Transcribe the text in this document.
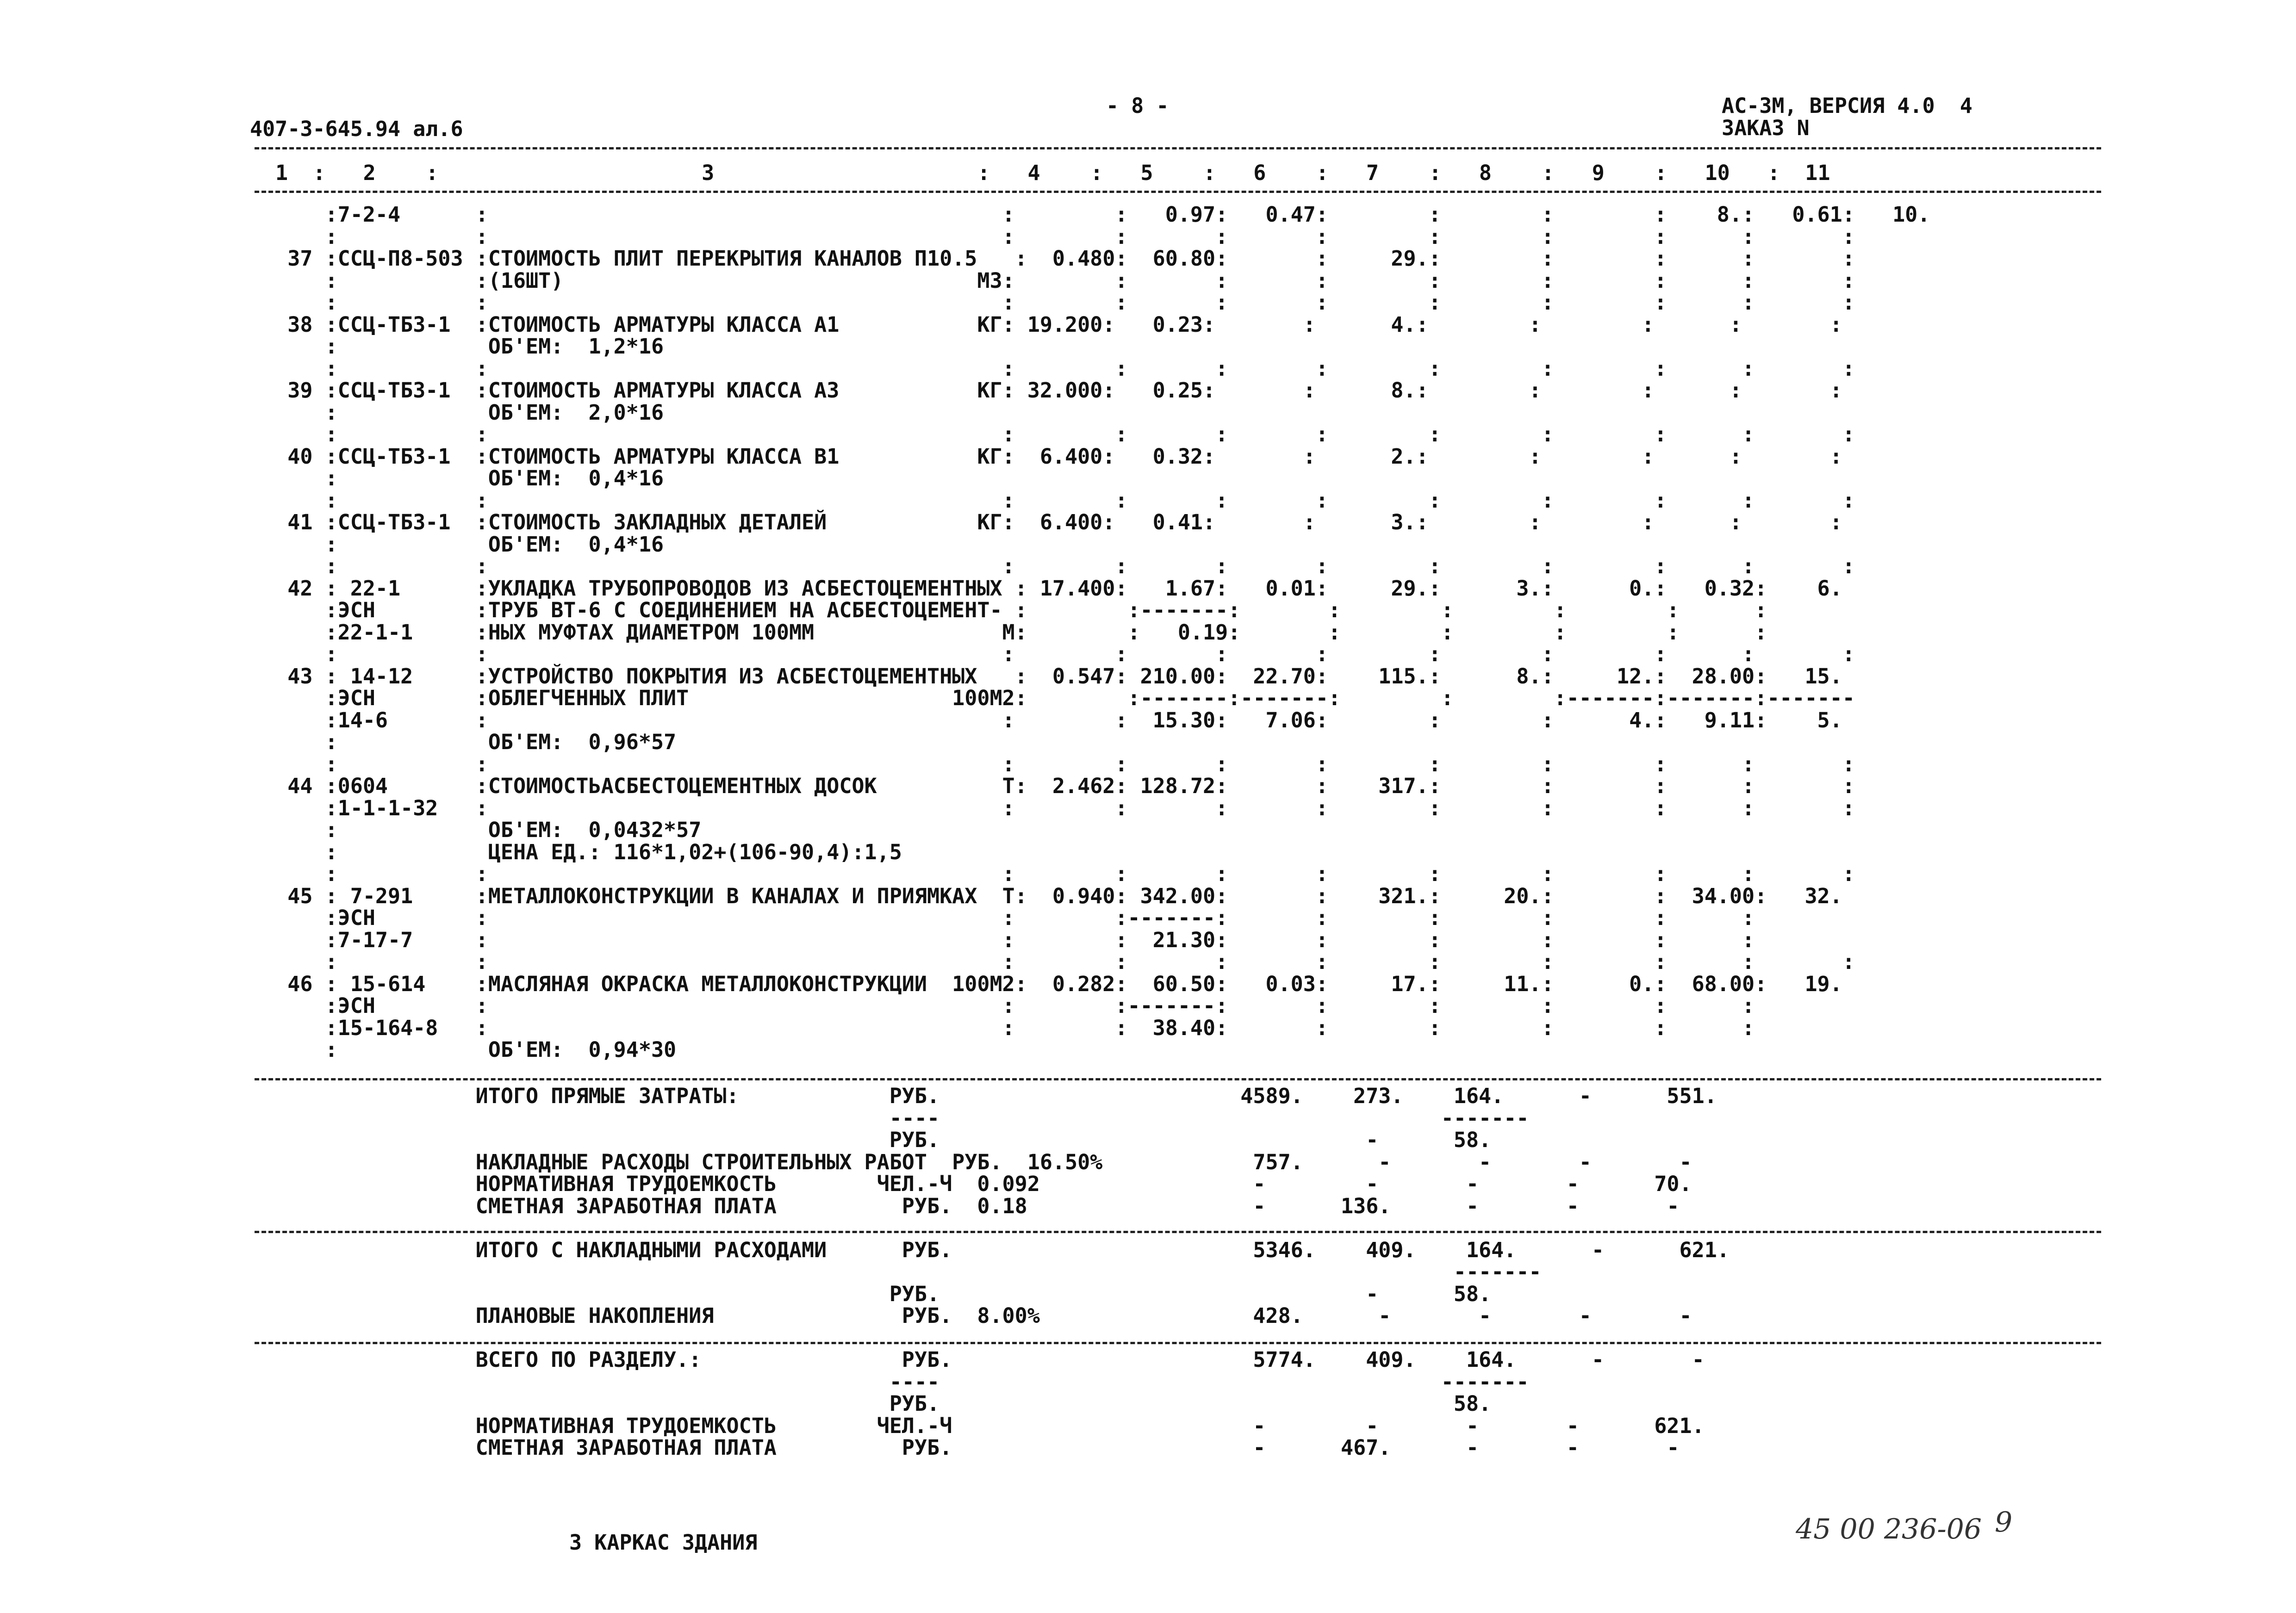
407-3-645.94 ал.6
- 8 -	АС-3М, ВЕРСИЯ 4.0  4
ЗАКАЗ N
1  :   2    :                     3                     :   4    :   5    :   6    :   7    :   8    :   9    :   10   :  11
:7-2-4      :                                         :        :   0.97:   0.47:        :        :        :    8.:   0.61:   10.
:           :                                         :        :       :       :        :        :        :      :       :
37 :ССЦ-П8-503 :СТОИМОСТЬ ПЛИТ ПЕРЕКРЫТИЯ КАНАЛОВ П10.5   :  0.480:  60.80:       :     29.:        :        :      :       :
:           :(16ШТ)                                 М3:        :       :       :        :        :        :      :       :
:           :                                         :        :       :       :        :        :        :      :       :
38 :ССЦ-ТБ3-1  :СТОИМОСТЬ АРМАТУРЫ КЛАССА А1           КГ: 19.200:   0.23:       :      4.:        :        :      :       :
:            ОБ'ЕМ:  1,2*16
:           :                                         :        :       :       :        :        :        :      :       :
39 :ССЦ-ТБ3-1  :СТОИМОСТЬ АРМАТУРЫ КЛАССА А3           КГ: 32.000:   0.25:       :      8.:        :        :      :       :
:            ОБ'ЕМ:  2,0*16
:           :                                         :        :       :       :        :        :        :      :       :
40 :ССЦ-ТБ3-1  :СТОИМОСТЬ АРМАТУРЫ КЛАССА В1           КГ:  6.400:   0.32:       :      2.:        :        :      :       :
:            ОБ'ЕМ:  0,4*16
:           :                                         :        :       :       :        :        :        :      :       :
41 :ССЦ-ТБ3-1  :СТОИМОСТЬ ЗАКЛАДНЫХ ДЕТАЛЕЙ            КГ:  6.400:   0.41:       :      3.:        :        :      :       :
:            ОБ'ЕМ:  0,4*16
:           :                                         :        :       :       :        :        :        :      :       :
42 : 22-1      :УКЛАДКА ТРУБОПРОВОДОВ ИЗ АСБЕСТОЦЕМЕНТНЫХ : 17.400:   1.67:   0.01:     29.:      3.:      0.:   0.32:    6.
:ЭСН        :ТРУБ ВТ-6 С СОЕДИНЕНИЕМ НА АСБЕСТОЦЕМЕНТ- :        :-------:       :        :        :        :      :
:22-1-1     :НЫХ МУФТАХ ДИАМЕТРОМ 100ММ               М:        :   0.19:       :        :        :        :      :
:           :                                         :        :       :       :        :        :        :      :       :
43 : 14-12     :УСТРОЙСТВО ПОКРЫТИЯ ИЗ АСБЕСТОЦЕМЕНТНЫХ   :  0.547: 210.00:  22.70:    115.:      8.:     12.:  28.00:   15.
:ЭСН        :ОБЛЕГЧЕННЫХ ПЛИТ                     100М2:        :-------:-------:        :        :-------:-------:-------
:14-6       :                                         :        :  15.30:   7.06:        :        :      4.:   9.11:    5.
:            ОБ'ЕМ:  0,96*57
:           :                                         :        :       :       :        :        :        :      :       :
44 :0604       :СТОИМОСТЬАСБЕСТОЦЕМЕНТНЫХ ДОСОК          Т:  2.462: 128.72:       :    317.:        :        :      :       :
:1-1-1-32   :                                         :        :       :       :        :        :        :      :       :
:            ОБ'ЕМ:  0,0432*57
:            ЦЕНА ЕД.: 116*1,02+(106-90,4):1,5
:           :                                         :        :       :       :        :        :        :      :       :
45 : 7-291     :МЕТАЛЛОКОНСТРУКЦИИ В КАНАЛАХ И ПРИЯМКАХ  Т:  0.940: 342.00:       :    321.:     20.:        :  34.00:   32.
:ЭСН        :                                         :        :-------:       :        :        :        :      :
:7-17-7     :                                         :        :  21.30:       :        :        :        :      :
:           :                                         :        :       :       :        :        :        :      :       :
46 : 15-614    :МАСЛЯНАЯ ОКРАСКА МЕТАЛЛОКОНСТРУКЦИИ  100М2:  0.282:  60.50:   0.03:     17.:     11.:      0.:  68.00:   19.
:ЭСН        :                                         :        :-------:       :        :        :        :      :
:15-164-8   :                                         :        :  38.40:       :        :        :        :      :
:            ОБ'ЕМ:  0,94*30
ИТОГО ПРЯМЫЕ ЗАТРАТЫ:            РУБ.                        4589.    273.    164.      -      551.
----                                        -------
РУБ.                                  -      58.
НАКЛАДНЫЕ РАСХОДЫ СТРОИТЕЛЬНЫХ РАБОТ  РУБ.  16.50%            757.      -       -       -       -
НОРМАТИВНАЯ ТРУДОЕМКОСТЬ        ЧЕЛ.-Ч  0.092                 -        -       -       -      70.
СМЕТНАЯ ЗАРАБОТНАЯ ПЛАТА          РУБ.  0.18                  -      136.      -       -       -
ИТОГО С НАКЛАДНЫМИ РАСХОДАМИ      РУБ.                        5346.    409.    164.      -      621.
-------
РУБ.                                  -      58.
ПЛАНОВЫЕ НАКОПЛЕНИЯ               РУБ.  8.00%                 428.      -       -       -       -
ВСЕГО ПО РАЗДЕЛУ.:                РУБ.                        5774.    409.    164.      -       -
----                                        -------
РУБ.                                         58.
НОРМАТИВНАЯ ТРУДОЕМКОСТЬ        ЧЕЛ.-Ч                        -        -       -       -      621.
СМЕТНАЯ ЗАРАБОТНАЯ ПЛАТА          РУБ.                        -      467.      -       -       -
3 КАРКАС ЗДАНИЯ	45 00 236-06 9
